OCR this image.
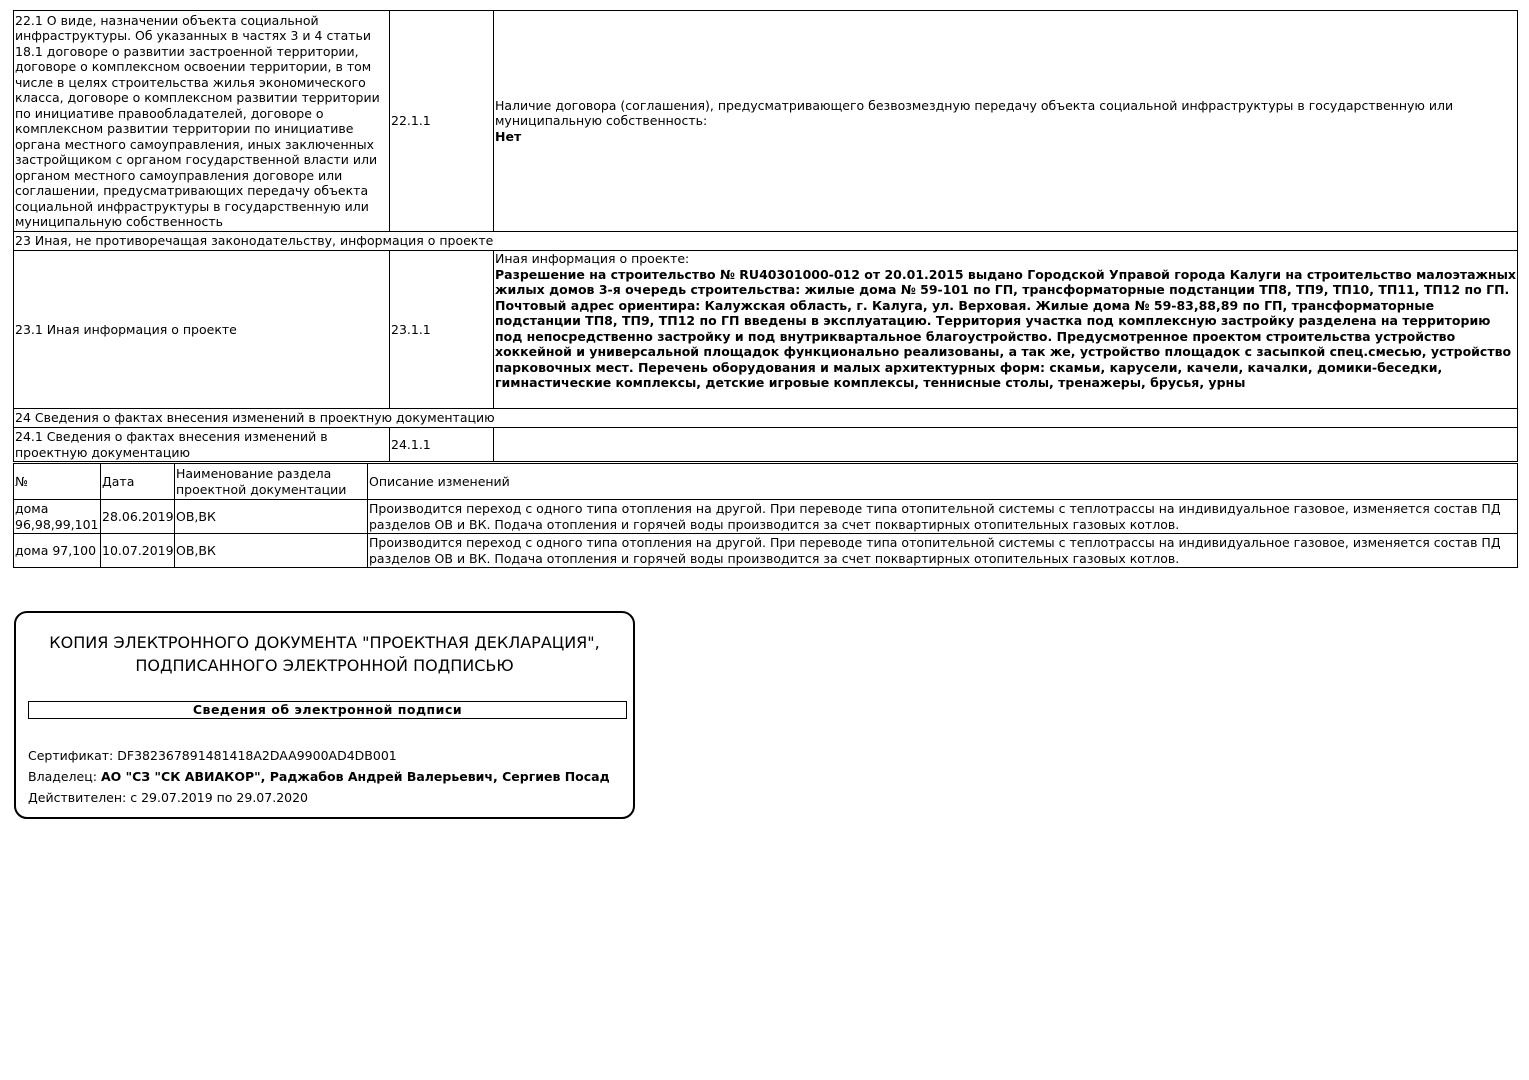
22.1 О виде, назначении объекта социальной инфраструктуры. Об указанных в частях 3 и 4 статьи 18.1 договоре о развитии застроенной территории, договоре о комплексном освоении территории, в том числе в целях строительства жилья экономического класса, договоре о комплексном развитии территории по инициативе правообладателей, договоре о комплексном развитии территории по инициативе органа местного самоуправления, иных заключенных застройщиком с органом государственной власти или органом местного самоуправления договоре или соглашении, предусматривающих передачу объекта социальной инфраструктуры в государственную или муниципальную собственность	22.1.1	Наличие договора (соглашения), предусматривающего безвозмездную передачу объекта социальной инфраструктуры в государственную или муниципальную собственность:
Нет

23 Иная, не противоречащая законодательству, информация о проекте		
23.1 Иная информация о проекте	23.1.1	Иная информация о проекте:
Разрешение на строительство № RU40301000-012 от 20.01.2015 выдано Городской Управой города Калуги на строительство малоэтажных жилых домов 3-я очередь строительства: жилые дома № 59-101 по ГП, трансформаторные подстанции ТП8, ТП9, ТП10, ТП11, ТП12 по ГП. Почтовый адрес ориентира: Калужская область, г. Калуга, ул. Верховая. Жилые дома № 59-83,88,89 по ГП, трансформаторные подстанции ТП8, ТП9, ТП12 по ГП введены в эксплуатацию. Территория участка под комплексную застройку разделена на территорию под непосредственно застройку и под внутриквартальное благоустройство. Предусмотренное проектом строительства устройство хоккейной и универсальной площадок функционально реализованы, а так же, устройство площадок с засыпкой спец.смесью, устройство парковочных мест. Перечень оборудования и малых архитектурных форм: скамьи, карусели, качели, качалки, домики-беседки, гимнастические комплексы, детские игровые комплексы, теннисные столы, тренажеры, брусья, урны

24 Сведения о фактах внесения изменений в проектную документацию		
24.1 Сведения о фактах внесения изменений в проектную документацию	24.1.1	
№	Дата	Наименование раздела проектной документации	Описание изменений
дома 96,98,99,101	28.06.2019	ОВ,ВК	Производится переход с одного типа отопления на другой. При переводе типа отопительной системы с теплотрассы на индивидуальное газовое, изменяется состав ПД разделов ОВ и ВК. Подача отопления и горячей воды производится за счет поквартирных отопительных газовых котлов.
дома 97,100	10.07.2019	ОВ,ВК	Производится переход с одного типа отопления на другой. При переводе типа отопительной системы с теплотрассы на индивидуальное газовое, изменяется состав ПД разделов ОВ и ВК. Подача отопления и горячей воды производится за счет поквартирных отопительных газовых котлов.
КОПИЯ ЭЛЕКТРОННОГО ДОКУМЕНТА "ПРОЕКТНАЯ ДЕКЛАРАЦИЯ",
ПОДПИСАННОГО ЭЛЕКТРОННОЙ ПОДПИСЬЮ
Сведения об электронной подписи
Сертификат: DF382367891481418A2DAA9900AD4DB001
Владелец: АО "СЗ "СК АВИАКОР", Раджабов Андрей Валерьевич, Сергиев Посад
Действителен: с 29.07.2019 по 29.07.2020
